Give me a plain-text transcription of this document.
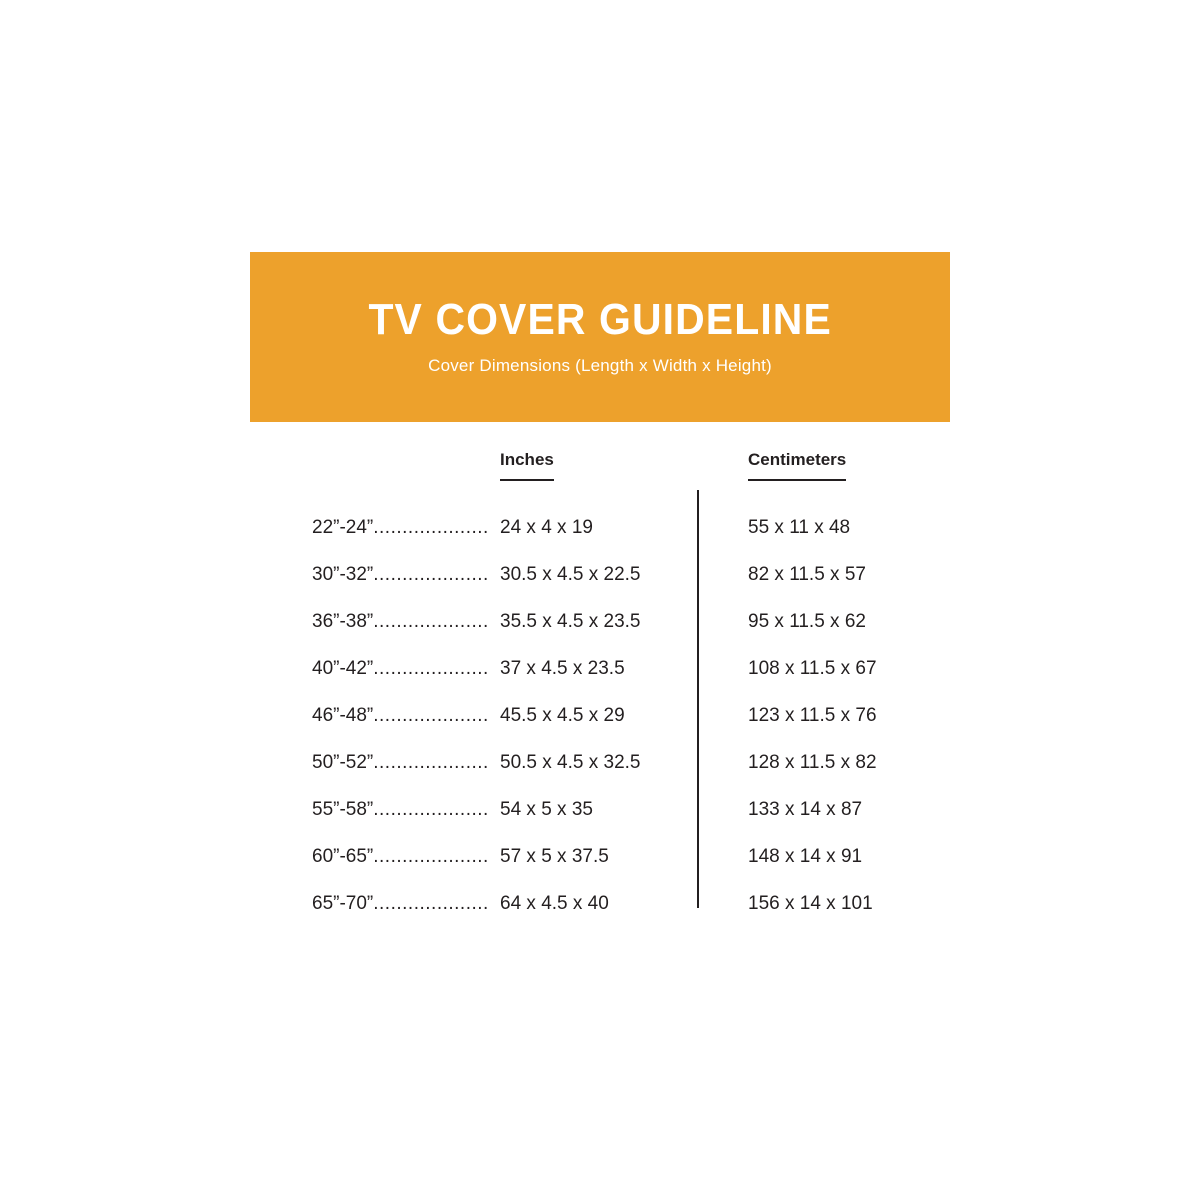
TV COVER GUIDELINE
Cover Dimensions (Length x Width x Height)
Inches	Centimeters
22”-24”.................... 24 x 4 x 19	55 x 11 x 48
30”-32”.................... 30.5 x 4.5 x 22.5	82 x 11.5 x 57
36”-38”.................... 35.5 x 4.5 x 23.5	95 x 11.5 x 62
40”-42”.................... 37 x 4.5 x 23.5	108 x 11.5 x 67
46”-48”.................... 45.5 x 4.5 x 29	123 x 11.5 x 76
50”-52”.................... 50.5 x 4.5 x 32.5	128 x 11.5 x 82
55”-58”.................... 54 x 5 x 35	133 x 14 x 87
60”-65”.................... 57 x 5 x 37.5	148 x 14 x 91
65”-70”.................... 64 x 4.5 x 40	156 x 14 x 101
